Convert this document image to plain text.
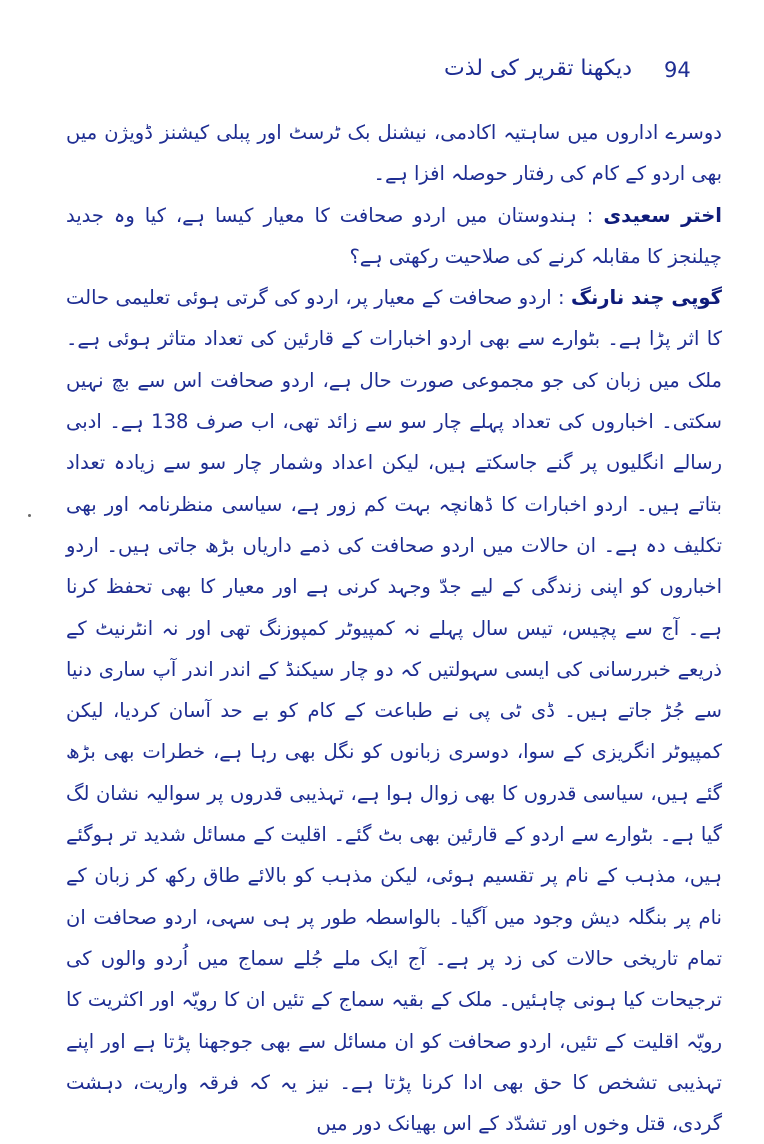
94
دیکھنا تقریر کی لذت

دوسرے اداروں میں ساہتیہ اکادمی، نیشنل بک ٹرسٹ اور پبلی کیشنز ڈویژن میں بھی اردو کے کام کی رفتار حوصلہ افزا ہے۔

اختر سعیدی : ہندوستان میں اردو صحافت کا معیار کیسا ہے، کیا وہ جدید چیلنجز کا مقابلہ کرنے کی صلاحیت رکھتی ہے؟

گوپی چند نارنگ : اردو صحافت کے معیار پر، اردو کی گرتی ہوئی تعلیمی حالت کا اثر پڑا ہے۔ بٹوارے سے بھی اردو اخبارات کے قارئین کی تعداد متاثر ہوئی ہے۔ ملک میں زبان کی جو مجموعی صورت حال ہے، اردو صحافت اس سے بچ نہیں سکتی۔ اخباروں کی تعداد پہلے چار سو سے زائد تھی، اب صرف 138 ہے۔ ادبی رسالے انگلیوں پر گنے جاسکتے ہیں، لیکن اعداد وشمار چار سو سے زیادہ تعداد بتاتے ہیں۔ اردو اخبارات کا ڈھانچہ بہت کم زور ہے، سیاسی منظرنامہ اور بھی تکلیف دہ ہے۔ ان حالات میں اردو صحافت کی ذمے داریاں بڑھ جاتی ہیں۔ اردو اخباروں کو اپنی زندگی کے لیے جدّ وجہد کرنی ہے اور معیار کا بھی تحفظ کرنا ہے۔ آج سے پچیس، تیس سال پہلے نہ کمپیوٹر کمپوزنگ تھی اور نہ انٹرنیٹ کے ذریعے خبررسانی کی ایسی سہولتیں کہ دو چار سیکنڈ کے اندر اندر آپ ساری دنیا سے جُڑ جاتے ہیں۔ ڈی ٹی پی نے طباعت کے کام کو بے حد آسان کردیا، لیکن کمپیوٹر انگریزی کے سوا، دوسری زبانوں کو نگل بھی رہا ہے، خطرات بھی بڑھ گئے ہیں، سیاسی قدروں کا بھی زوال ہوا ہے، تہذیبی قدروں پر سوالیہ نشان لگ گیا ہے۔ بٹوارے سے اردو کے قارئین بھی بٹ گئے۔ اقلیت کے مسائل شدید تر ہوگئے ہیں، مذہب کے نام پر تقسیم ہوئی، لیکن مذہب کو بالائے طاق رکھ کر زبان کے نام پر بنگلہ دیش وجود میں آگیا۔ بالواسطہ طور پر ہی سہی، اردو صحافت ان تمام تاریخی حالات کی زد پر ہے۔ آج ایک ملے جُلے سماج میں اُردو والوں کی ترجیحات کیا ہونی چاہئیں۔ ملک کے بقیہ سماج کے تئیں ان کا رویّہ اور اکثریت کا رویّہ اقلیت کے تئیں، اردو صحافت کو ان مسائل سے بھی جوجھنا پڑتا ہے اور اپنے تہذیبی تشخص کا حق بھی ادا کرنا پڑتا ہے۔ نیز یہ کہ فرقہ واریت، دہشت گردی، قتل وخوں اور تشدّد کے اس بھیانک دور میں
